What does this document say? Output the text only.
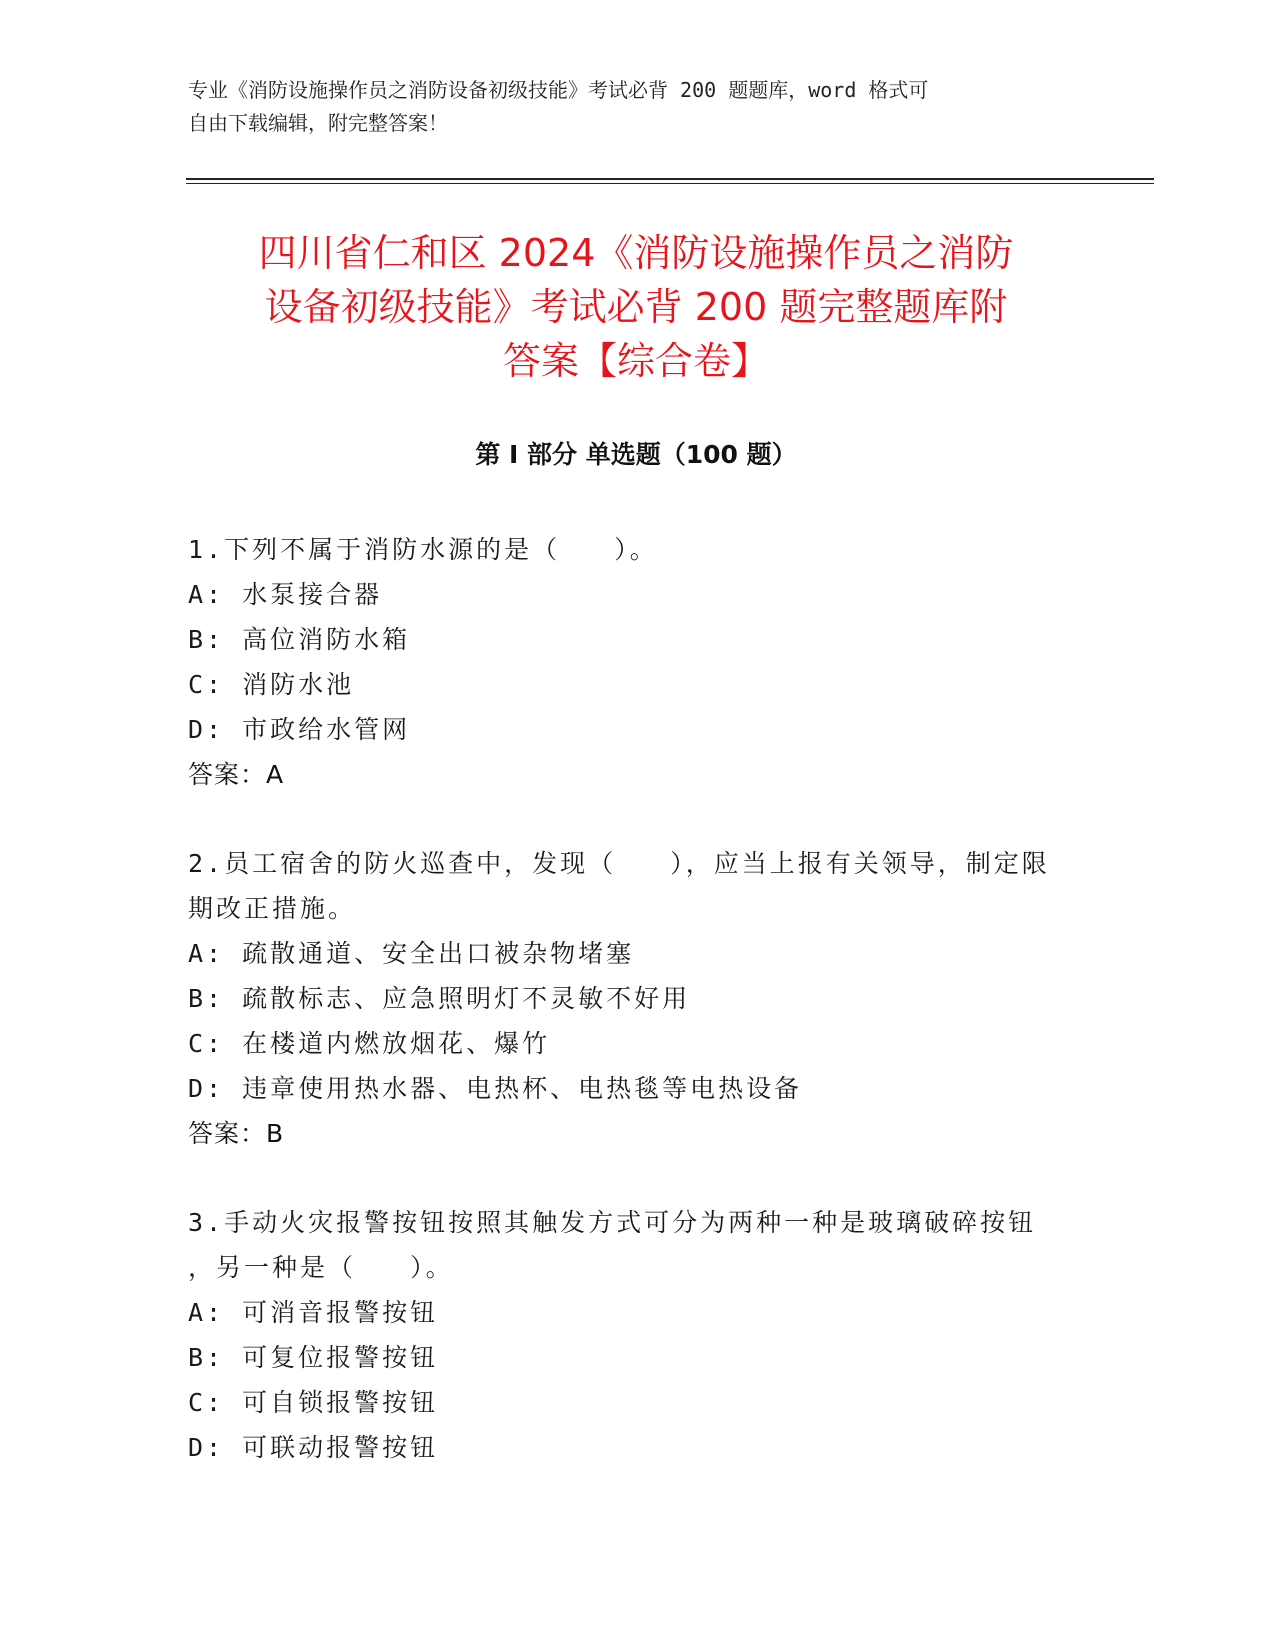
专业《消防设施操作员之消防设备初级技能》考试必背 200 题题库，word 格式可
自由下载编辑，附完整答案！
四川省仁和区 2024《消防设施操作员之消防
设备初级技能》考试必背 200 题完整题库附
答案【综合卷】
第 I 部分 单选题（100 题）
1.下列不属于消防水源的是（   ）。
A: 水泵接合器
B: 高位消防水箱
C: 消防水池
D: 市政给水管网
答案：A
2.员工宿舍的防火巡查中，发现（   ），应当上报有关领导，制定限
期改正措施。
A: 疏散通道、安全出口被杂物堵塞
B: 疏散标志、应急照明灯不灵敏不好用
C: 在楼道内燃放烟花、爆竹
D: 违章使用热水器、电热杯、电热毯等电热设备
答案：B
3.手动火灾报警按钮按照其触发方式可分为两种一种是玻璃破碎按钮
，另一种是（   ）。
A: 可消音报警按钮
B: 可复位报警按钮
C: 可自锁报警按钮
D: 可联动报警按钮
